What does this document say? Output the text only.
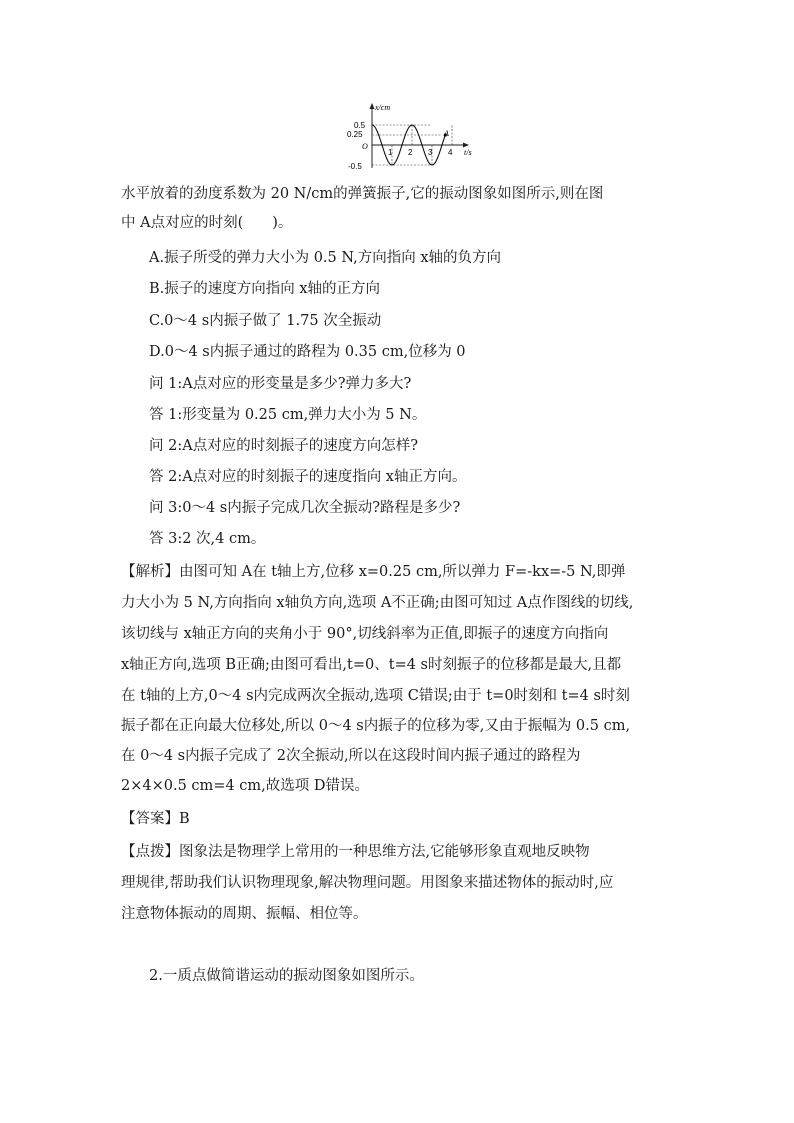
x/cm
t/s
O
0.5
0.25
-0.5
1 2 3 4
A
水平放着的劲度系数为 20 N/cm的弹簧振子,它的振动图象如图所示,则在图
中 A点对应的时刻(　　)。
A.振子所受的弹力大小为 0.5 N,方向指向 x轴的负方向
B.振子的速度方向指向 x轴的正方向
C.0～4 s内振子做了 1.75 次全振动
D.0～4 s内振子通过的路程为 0.35 cm,位移为 0
问 1:A点对应的形变量是多少?弹力多大?
答 1:形变量为 0.25 cm,弹力大小为 5 N。
问 2:A点对应的时刻振子的速度方向怎样?
答 2:A点对应的时刻振子的速度指向 x轴正方向。
问 3:0～4 s内振子完成几次全振动?路程是多少?
答 3:2 次,4 cm。
【解析】由图可知 A在 t轴上方,位移 x=0.25 cm,所以弹力 F=-kx=-5 N,即弹
力大小为 5 N,方向指向 x轴负方向,选项 A不正确;由图可知过 A点作图线的切线,
该切线与 x轴正方向的夹角小于 90°,切线斜率为正值,即振子的速度方向指向
x轴正方向,选项 B正确;由图可看出,t=0、t=4 s时刻振子的位移都是最大,且都
在 t轴的上方,0～4 s内完成两次全振动,选项 C错误;由于 t=0时刻和 t=4 s时刻
振子都在正向最大位移处,所以 0～4 s内振子的位移为零,又由于振幅为 0.5 cm,
在 0～4 s内振子完成了 2次全振动,所以在这段时间内振子通过的路程为
2×4×0.5 cm=4 cm,故选项 D错误。
【答案】B
【点拨】图象法是物理学上常用的一种思维方法,它能够形象直观地反映物
理规律,帮助我们认识物理现象,解决物理问题。用图象来描述物体的振动时,应
注意物体振动的周期、振幅、相位等。
2.一质点做简谐运动的振动图象如图所示。
